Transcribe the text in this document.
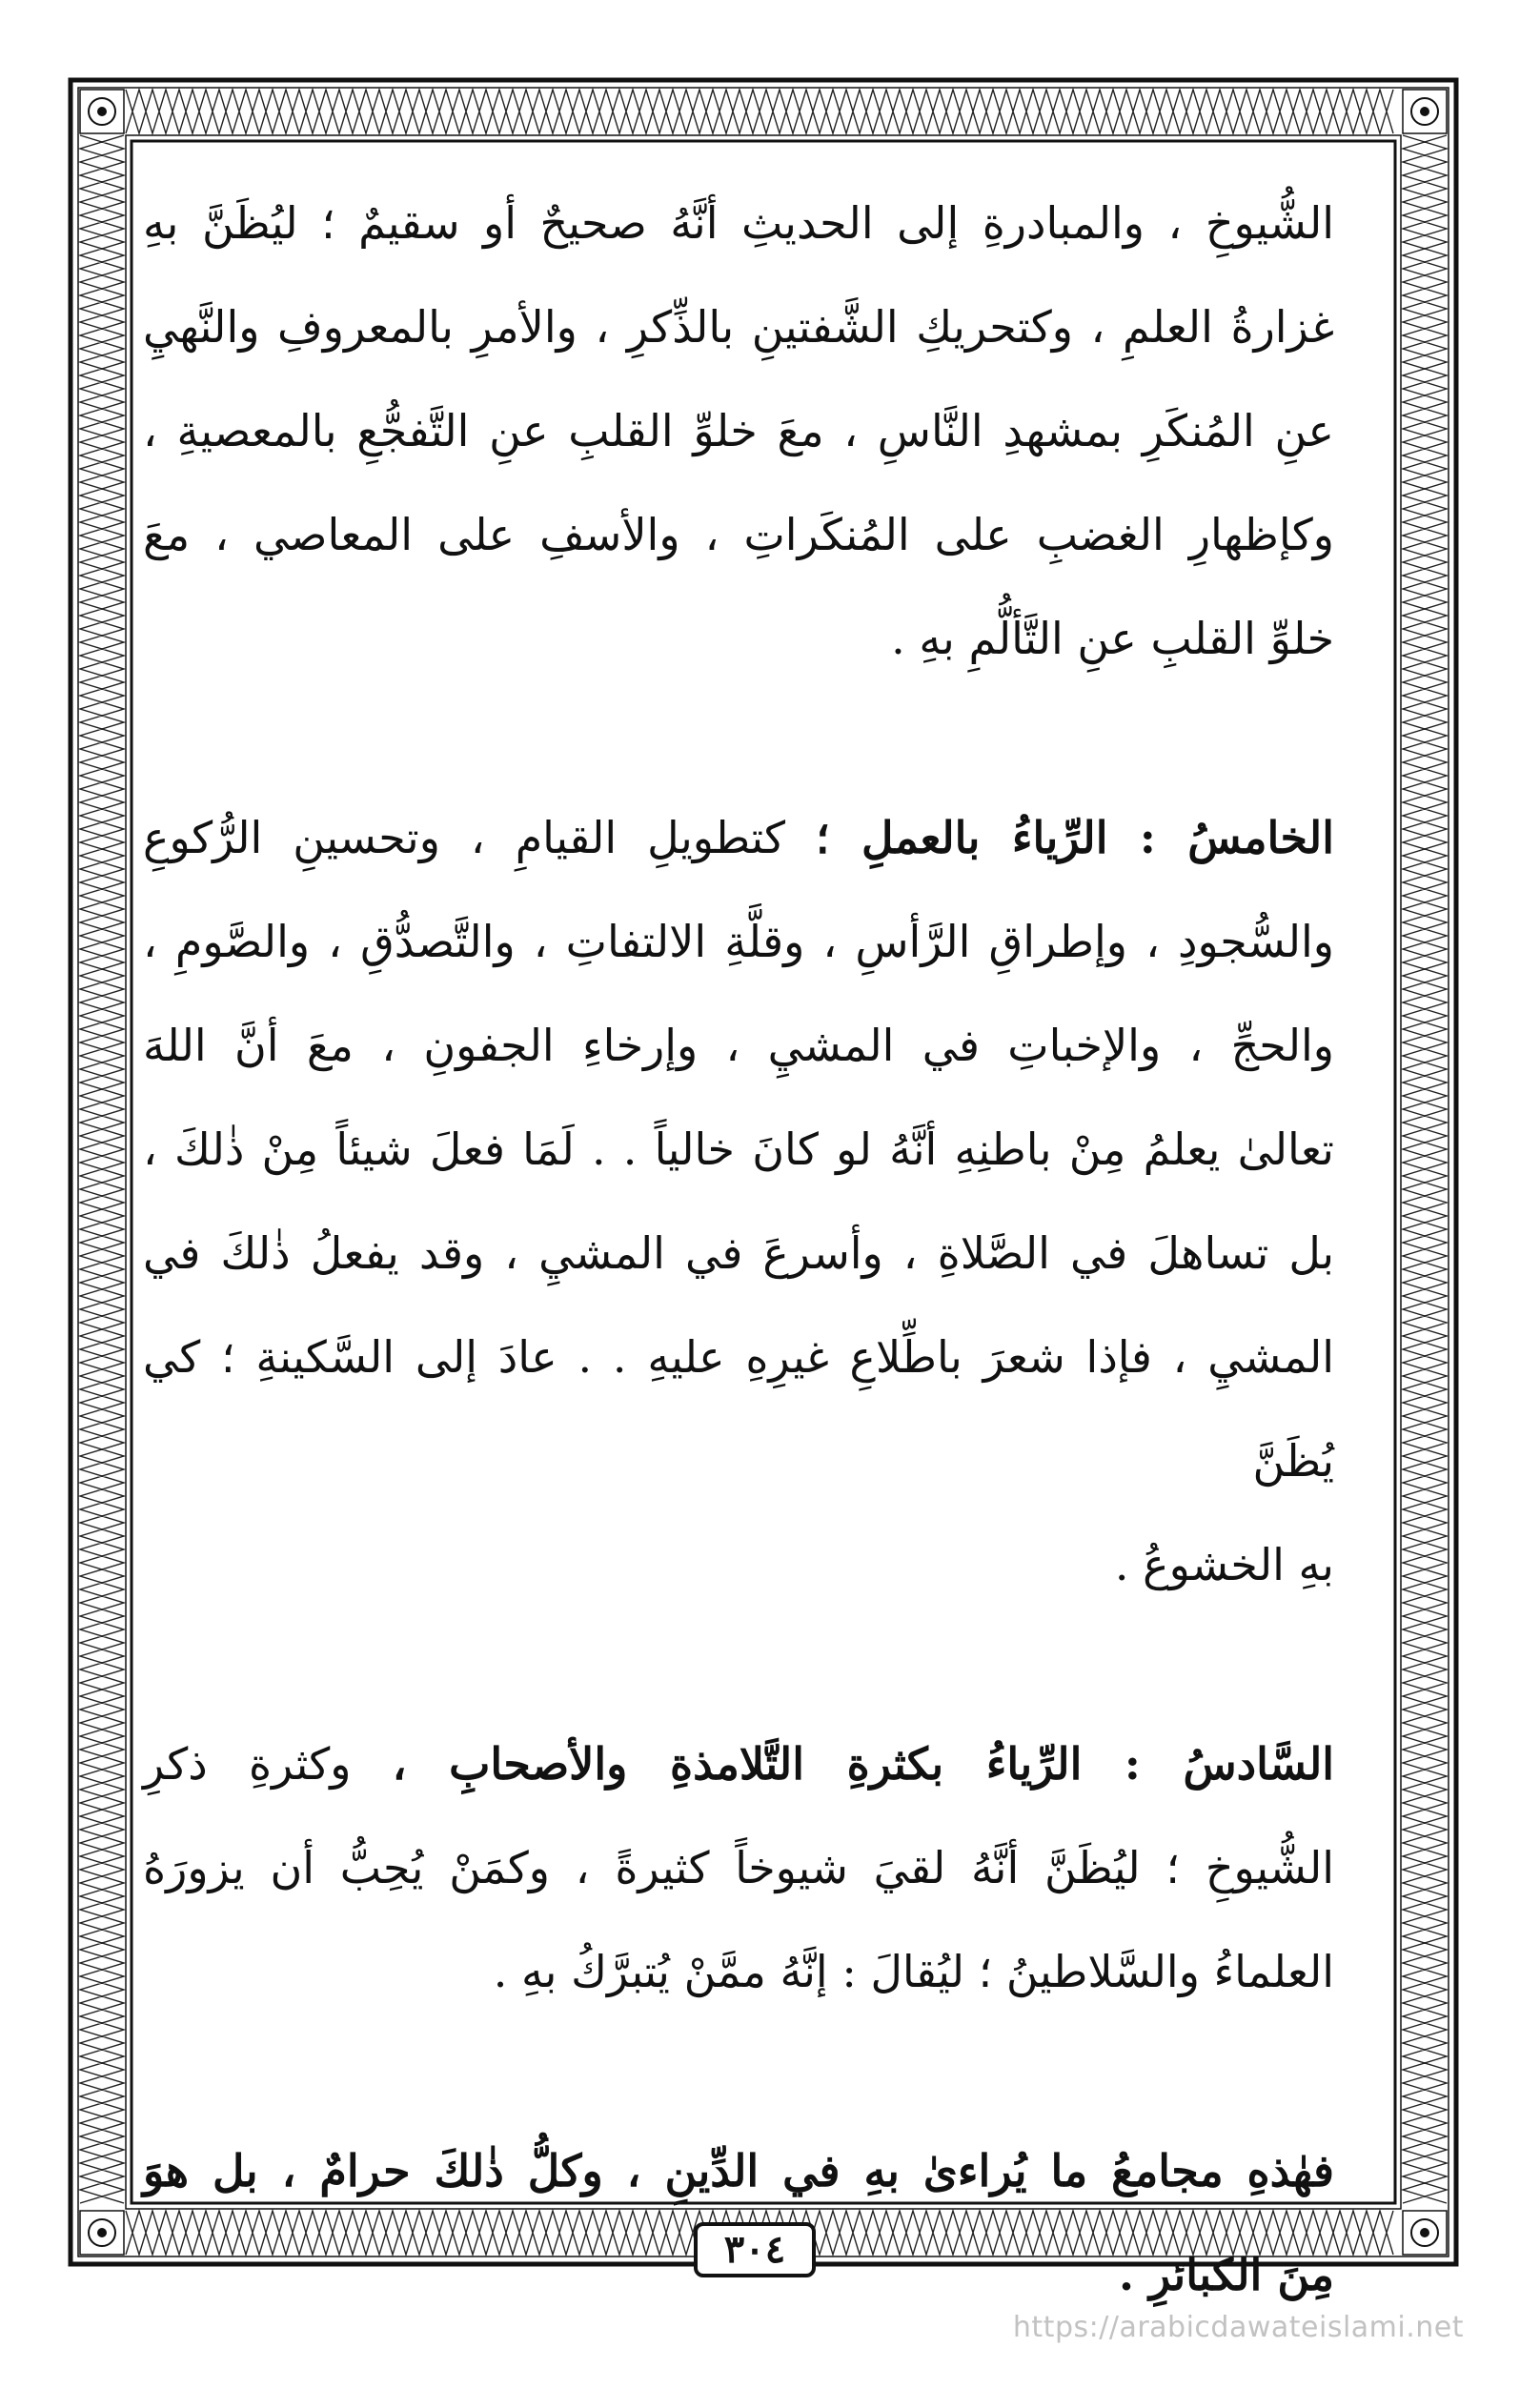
الشُّيوخِ ، والمبادرةِ إلى الحديثِ أنَّهُ صحيحٌ أو سقيمٌ ؛ ليُظَنَّ بهِ
غزارةُ العلمِ ، وكتحريكِ الشَّفتينِ بالذِّكرِ ، والأمرِ بالمعروفِ والنَّهيِ
عنِ المُنكَرِ بمشهدِ النَّاسِ ، معَ خلوِّ القلبِ عنِ التَّفجُّعِ بالمعصيةِ ،
وكإظهارِ الغضبِ على المُنكَراتِ ، والأسفِ على المعاصي ، معَ
خلوِّ القلبِ عنِ التَّألُّمِ بهِ .
الخامسُ : الرِّياءُ بالعملِ ؛ كتطويلِ القيامِ ، وتحسينِ الرُّكوعِ
والسُّجودِ ، وإطراقِ الرَّأسِ ، وقلَّةِ الالتفاتِ ، والتَّصدُّقِ ، والصَّومِ ،
والحجِّ ، والإخباتِ في المشيِ ، وإرخاءِ الجفونِ ، معَ أنَّ اللهَ
تعالىٰ يعلمُ مِنْ باطنِهِ أنَّهُ لو كانَ خالياً . . لَمَا فعلَ شيئاً مِنْ ذٰلكَ ،
بل تساهلَ في الصَّلاةِ ، وأسرعَ في المشيِ ، وقد يفعلُ ذٰلكَ في
المشيِ ، فإذا شعرَ باطِّلاعِ غيرِهِ عليهِ . . عادَ إلى السَّكينةِ ؛ كي يُظَنَّ
بهِ الخشوعُ .
السَّادسُ : الرِّياءُ بكثرةِ التَّلامذةِ والأصحابِ ، وكثرةِ ذكرِ
الشُّيوخِ ؛ ليُظَنَّ أنَّهُ لقيَ شيوخاً كثيرةً ، وكمَنْ يُحِبُّ أن يزورَهُ
العلماءُ والسَّلاطينُ ؛ ليُقالَ : إنَّهُ ممَّنْ يُتبرَّكُ بهِ .
فهٰذهِ مجامعُ ما يُراءىٰ بهِ في الدِّينِ ، وكلُّ ذٰلكَ حرامٌ ، بل هوَ
مِنَ الكبائرِ .
٣٠٤
https://arabicdawateislami.net
